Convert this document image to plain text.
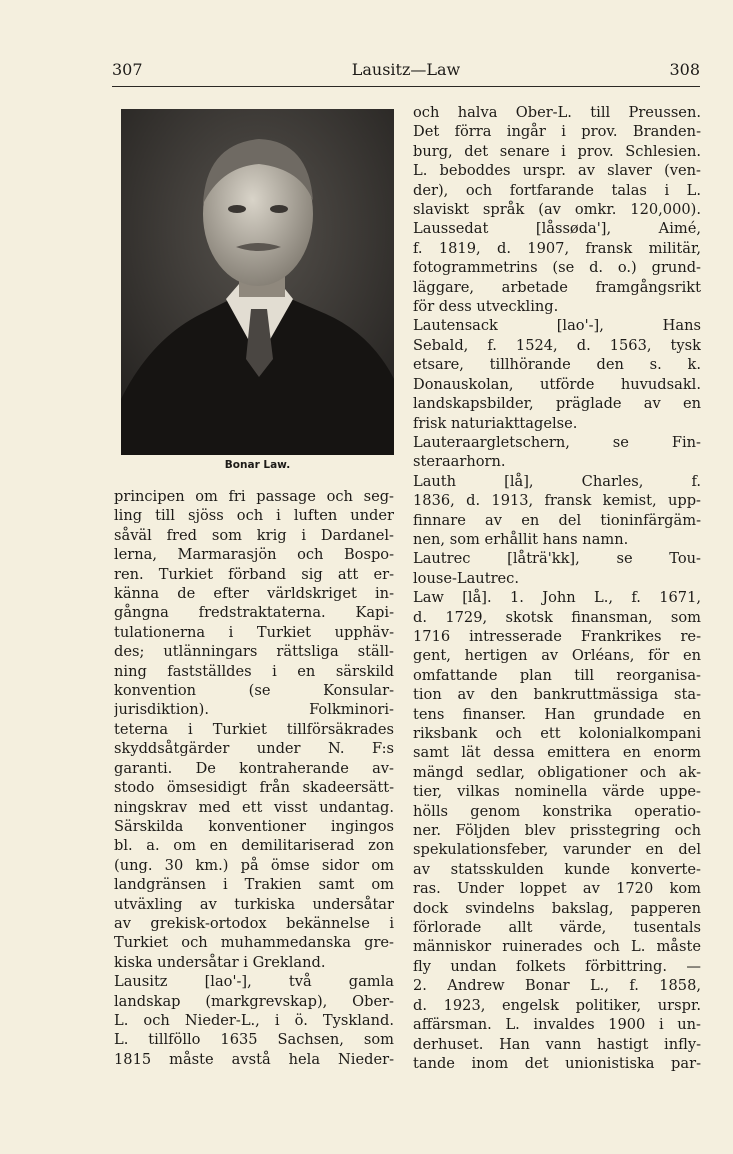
307	Lausitz—Law	308
Bonar Law.
principen om fri passage och seg-
ling till sjöss och i luften under
såväl fred som krig i Dardanel-
lerna, Marmarasjön och Bospo-
ren. Turkiet förband sig att er-
känna de efter världskriget in-
gångna fredstraktaterna. Kapi-
tulationerna i Turkiet upphäv-
des; utlänningars rättsliga ställ-
ning fastställdes i en särskild
konvention (se Konsular-
jurisdiktion). Folkminori-
teterna i Turkiet tillförsäkrades
skyddsåtgärder under N. F:s
garanti. De kontraherande av-
stodo ömsesidigt från skadeersätt-
ningskrav med ett visst undantag.
Särskilda konventioner ingingos
bl. a. om en demilitariserad zon
(ung. 30 km.) på ömse sidor om
landgränsen i Trakien samt om
utväxling av turkiska undersåtar
av grekisk-ortodox bekännelse i
Turkiet och muhammedanska gre-
kiska undersåtar i Grekland.
Lausitz [lao'-], två gamla
landskap (markgrevskap), Ober-
L. och Nieder-L., i ö. Tyskland.
L. tillföllo 1635 Sachsen, som
1815 måste avstå hela Nieder-
och halva Ober-L. till Preussen.
Det förra ingår i prov. Branden-
burg, det senare i prov. Schlesien.
L. beboddes urspr. av slaver (ven-
der), och fortfarande talas i L.
slaviskt språk (av omkr. 120,000).
Laussedat [låssøda'], Aimé,
f. 1819, d. 1907, fransk militär,
fotogrammetrins (se d. o.) grund-
läggare, arbetade framgångsrikt
för dess utveckling.
Lautensack [lao'-], Hans
Sebald, f. 1524, d. 1563, tysk
etsare, tillhörande den s. k.
Donauskolan, utförde huvudsakl.
landskapsbilder, präglade av en
frisk naturiakttagelse.
Lauteraargletschern, se Fin-
steraarhorn.
Lauth [lå], Charles, f.
1836, d. 1913, fransk kemist, upp-
finnare av en del tioninfärgäm-
nen, som erhållit hans namn.
Lautrec [låträ'kk], se Tou-
louse-Lautrec.
Law [lå]. 1. John L., f. 1671,
d. 1729, skotsk finansman, som
1716 intresserade Frankrikes re-
gent, hertigen av Orléans, för en
omfattande plan till reorganisa-
tion av den bankruttmässiga sta-
tens finanser. Han grundade en
riksbank och ett kolonialkompani
samt lät dessa emittera en enorm
mängd sedlar, obligationer och ak-
tier, vilkas nominella värde uppe-
hölls genom konstrika operatio-
ner. Följden blev prisstegring och
spekulationsfeber, varunder en del
av statsskulden kunde konverte-
ras. Under loppet av 1720 kom
dock svindelns bakslag, papperen
förlorade allt värde, tusentals
människor ruinerades och L. måste
fly undan folkets förbittring. —
2. Andrew Bonar L., f. 1858,
d. 1923, engelsk politiker, urspr.
affärsman. L. invaldes 1900 i un-
derhuset. Han vann hastigt infly-
tande inom det unionistiska par-
